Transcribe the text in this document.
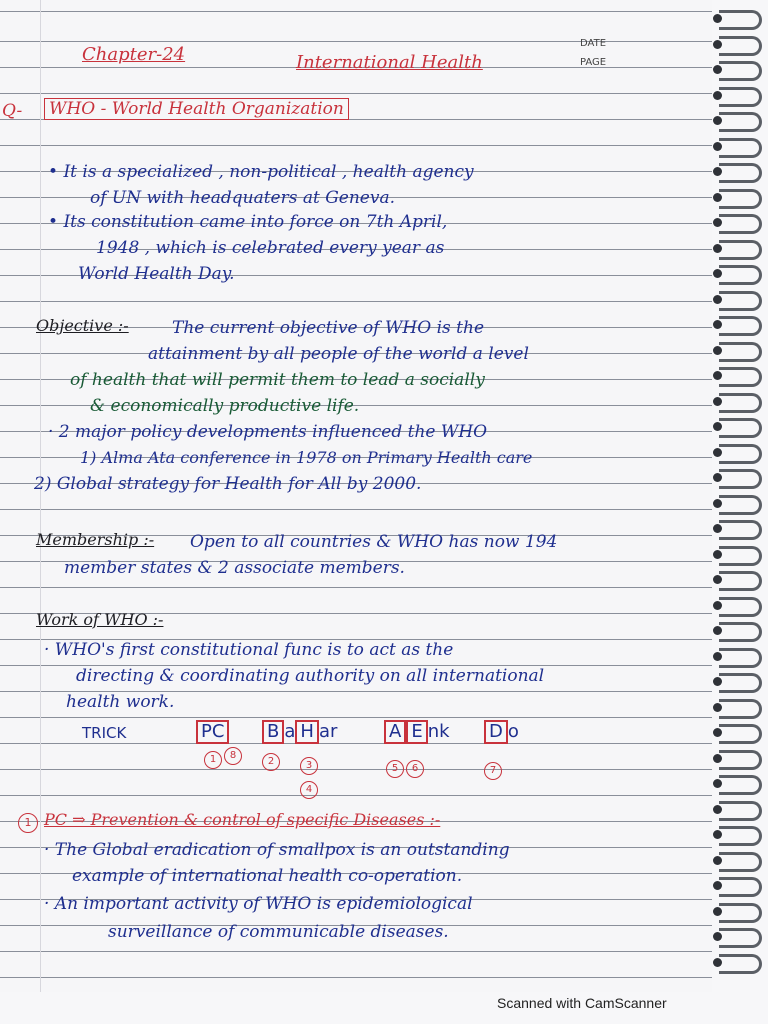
Chapter-24	International Health
DATE
PAGE
Q- WHO - World Health Organization
• It is a specialized , non-political , health agency
of UN with headquaters at Geneva.
• Its constitution came into force on 7th April,
1948 , which is celebrated every year as
World Health Day.
Objective :-	The current objective of WHO is the
attainment by all people of the world a level
of health that will permit them to lead a socially
& economically productive life.
· 2 major policy developments influenced the WHO
1) Alma Ata conference in 1978 on Primary Health care
2) Global strategy for Health for All by 2000.
Membership :- Open to all countries & WHO has now 194
member states & 2 associate members.
Work of WHO :-
· WHO's first constitutional func is to act as the
directing & coordinating authority on all international
health work.
TRICK	PC B a H ar	A E nk D o
1	8
2	3
4
5	6	7
1 PC ⇒ Prevention & control of specific Diseases :-
· The Global eradication of smallpox is an outstanding
example of international health co-operation.
· An important activity of WHO is epidemiological
surveillance of communicable diseases.
Scanned with CamScanner
